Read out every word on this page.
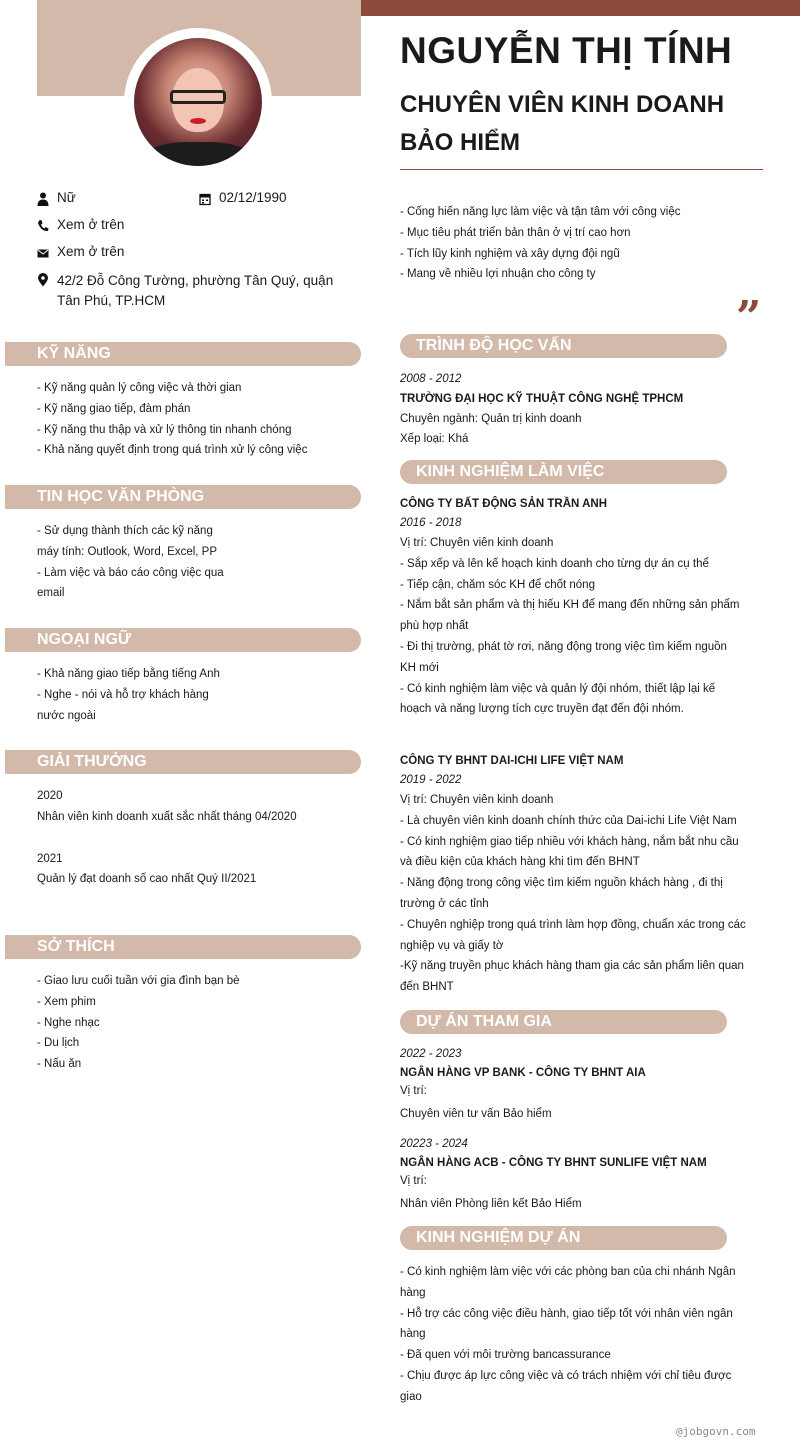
NGUYỄN THỊ TÍNH
CHUYÊN VIÊN KINH DOANH
BẢO HIỂM
Nữ	02/12/1990
Xem ở trên
Xem ở trên
42/2 Đỗ Công Tường, phường Tân Quý, quận
Tân Phú, TP.HCM
- Cống hiến năng lực làm việc và tận tâm với công việc
- Mục tiêu phát triển bản thân ở vị trí cao hơn
- Tích lũy kinh nghiệm và xây dựng đội ngũ
- Mang về nhiều lợi nhuận cho công ty
”
KỸ NĂNG
- Kỹ năng quản lý công việc và thời gian
- Kỹ năng giao tiếp, đàm phán
- Kỹ năng thu thập và xử lý thông tin nhanh chóng
- Khả năng quyết định trong quá trình xử lý công việc
TIN HỌC VĂN PHÒNG
- Sử dụng thành thích các kỹ năng
máy tính: Outlook, Word, Excel, PP
- Làm việc và báo cáo công việc qua
email
NGOẠI NGỮ
- Khả năng giao tiếp bằng tiếng Anh
- Nghe - nói và hỗ trợ khách hàng
nước ngoài
GIẢI THƯỞNG
2020
Nhân viên kinh doanh xuất sắc nhất tháng 04/2020
2021
Quản lý đạt doanh số cao nhất Quý II/2021
SỞ THÍCH
- Giao lưu cuối tuần với gia đình bạn bè
- Xem phim
- Nghe nhạc
- Du lịch
- Nấu ăn
TRÌNH ĐỘ HỌC VẤN
2008 - 2012
TRƯỜNG ĐẠI HỌC KỸ THUẬT CÔNG NGHỆ TPHCM
Chuyên ngành: Quản trị kinh doanh
Xếp loại: Khá
KINH NGHIỆM LÀM VIỆC
CÔNG TY BẤT ĐỘNG SẢN TRẦN ANH
2016 - 2018
Vị trí: Chuyên viên kinh doanh
- Sắp xếp và lên kế hoạch kinh doanh cho từng dự án cụ thể
- Tiếp cận, chăm sóc KH để chốt nóng
- Nắm bắt sản phẩm và thị hiếu KH để mang đến những sản phẩm
phù hợp nhất
- Đi thị trường, phát tờ rơi, năng động trong việc tìm kiếm nguồn
KH mới
- Có kinh nghiệm làm việc và quản lý đội nhóm, thiết lập lại kế
hoạch và năng lượng tích cực truyền đạt đến đội nhóm.
CÔNG TY BHNT DAI-ICHI LIFE VIỆT NAM
2019 - 2022
Vị trí: Chuyên viên kinh doanh
- Là chuyên viên kinh doanh chính thức của Dai-ichi Life Việt Nam
- Có kinh nghiệm giao tiếp nhiều với khách hàng, nắm bắt nhu cầu
và điều kiện của khách hàng khi tìm đến BHNT
- Năng động trong công việc tìm kiếm nguồn khách hàng , đi thị
trường ở các tỉnh
- Chuyên nghiệp trong quá trình làm hợp đồng, chuẩn xác trong các
nghiệp vụ và giấy tờ
-Kỹ năng truyền phục khách hàng tham gia các sản phẩm liên quan
đến BHNT
DỰ ÁN THAM GIA
2022 - 2023
NGÂN HÀNG VP BANK - CÔNG TY BHNT AIA
Vị trí:
Chuyên viên tư vấn Bảo hiểm
20223 - 2024
NGÂN HÀNG ACB - CÔNG TY BHNT SUNLIFE VIỆT NAM
Vị trí:
Nhân viên Phòng liên kết Bảo Hiểm
KINH NGHIỆM DỰ ÁN
- Có kinh nghiệm làm việc với các phòng ban của chi nhánh Ngân
hàng
- Hỗ trợ các công việc điều hành, giao tiếp tốt với nhân viên ngân
hàng
- Đã quen với môi trường bancassurance
- Chịu được áp lực công việc và có trách nhiệm với chỉ tiêu được
giao
@jobgovn.com
